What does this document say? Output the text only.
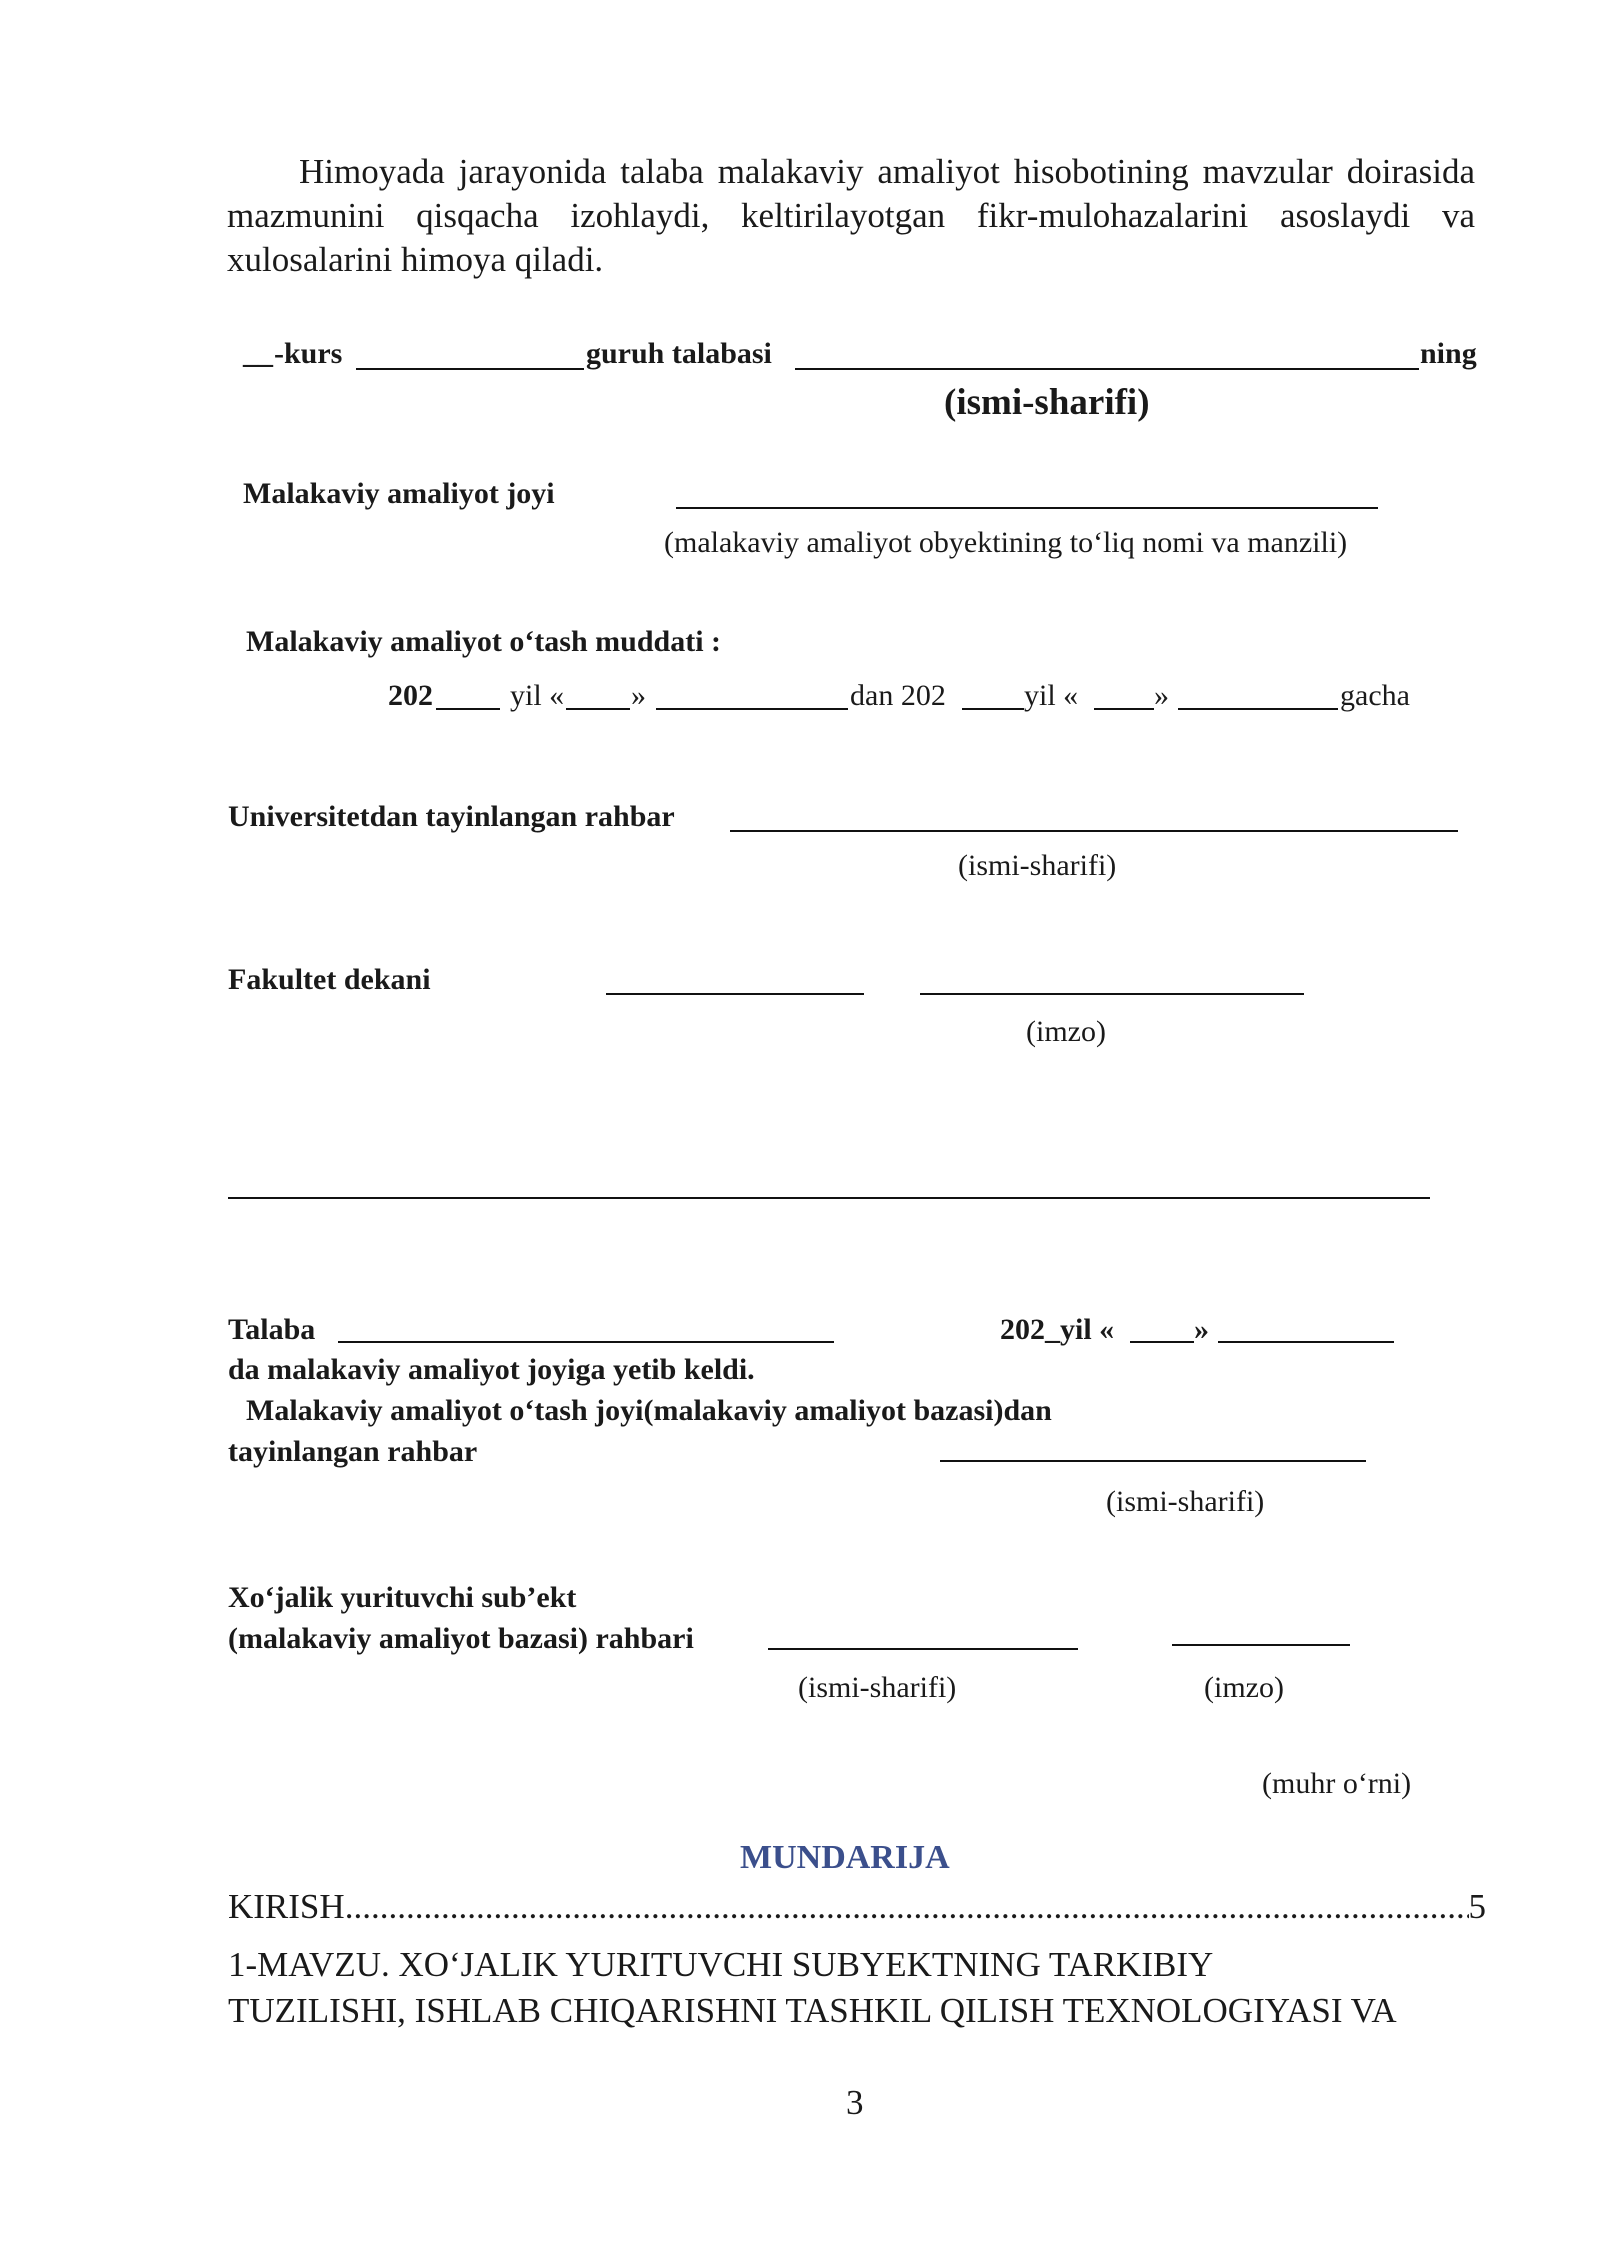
Himoyada jarayonida talaba malakaviy amaliyot hisobotining mavzular doirasida mazmunini qisqacha izohlaydi, keltirilayotgan fikr-mulohazalarini asoslaydi va xulosalarini himoya qiladi.

__ -kurs	guruh talabasi	ning
(ismi-sharifi)
Malakaviy amaliyot joyi
(malakaviy amaliyot obyektining to‘liq nomi va manzili)
Malakaviy amaliyot o‘tash muddati :
202	yil « »	dan 202	yil «	»	gacha
Universitetdan tayinlangan rahbar
(ismi-sharifi)
Fakultet dekani
(imzo)
Talaba	202_yil «	»
da malakaviy amaliyot joyiga yetib keldi.
Malakaviy amaliyot o‘tash joyi(malakaviy amaliyot bazasi)dan
tayinlangan rahbar
(ismi-sharifi)
Xo‘jalik yurituvchi sub’ekt
(malakaviy amaliyot bazasi) rahbari
(ismi-sharifi)	(imzo)
(muhr o‘rni)
MUNDARIJA
KIRISH
.....	5
1-MAVZU. XO‘JALIK YURITUVCHI SUBYEKTNING TARKIBIY
TUZILISHI, ISHLAB CHIQARISHNI TASHKIL QILISH TEXNOLOGIYASI VA
3
